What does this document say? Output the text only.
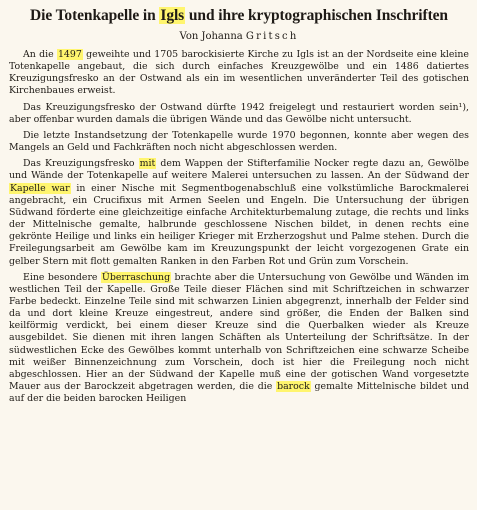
Die Totenkapelle in Igls und ihre kryptographischen Inschriften
Von Johanna Gritsch

An die 1497 geweihte und 1705 barockisierte Kirche zu Igls ist an der Nordseite eine kleine Totenkapelle angebaut, die sich durch einfaches Kreuzgewölbe und ein 1486 datiertes Kreuzigungsfresko an der Ostwand als ein im wesentlichen unveränderter Teil des gotischen Kirchenbaues erweist.

Das Kreuzigungsfresko der Ostwand dürfte 1942 freigelegt und restauriert worden sein¹), aber offenbar wurden damals die übrigen Wände und das Gewölbe nicht untersucht.

Die letzte Instandsetzung der Totenkapelle wurde 1970 begonnen, konnte aber wegen des Mangels an Geld und Fachkräften noch nicht abgeschlossen werden.

Das Kreuzigungsfresko mit dem Wappen der Stifterfamilie Nocker regte dazu an, Gewölbe und Wände der Totenkapelle auf weitere Malerei untersuchen zu lassen. An der Südwand der Kapelle war in einer Nische mit Segmentbogenabschluß eine volkstümliche Barockmalerei angebracht, ein Crucifixus mit Armen Seelen und Engeln. Die Untersuchung der übrigen Südwand förderte eine gleichzeitige einfache Architekturbemalung zutage, die rechts und links der Mittelnische gemalte, halbrunde geschlossene Nischen bildet, in denen rechts eine gekrönte Heilige und links ein heiliger Krieger mit Erzherzogshut und Palme stehen. Durch die Freilegungsarbeit am Gewölbe kam im Kreuzungspunkt der leicht vorgezogenen Grate ein gelber Stern mit flott gemalten Ranken in den Farben Rot und Grün zum Vorschein.

Eine besondere Überraschung brachte aber die Untersuchung von Gewölbe und Wänden im westlichen Teil der Kapelle. Große Teile dieser Flächen sind mit Schriftzeichen in schwarzer Farbe bedeckt. Einzelne Teile sind mit schwarzen Linien abgegrenzt, innerhalb der Felder sind da und dort kleine Kreuze eingestreut, andere sind größer, die Enden der Balken sind keilförmig verdickt, bei einem dieser Kreuze sind die Querbalken wieder als Kreuze ausgebildet. Sie dienen mit ihren langen Schäften als Unterteilung der Schriftsätze. In der südwestlichen Ecke des Gewölbes kommt unterhalb von Schriftzeichen eine schwarze Scheibe mit weißer Binnenzeichnung zum Vorschein, doch ist hier die Freilegung noch nicht abgeschlossen. Hier an der Südwand der Kapelle muß eine der gotischen Wand vorgesetzte Mauer aus der Barockzeit abgetragen werden, die die barock gemalte Mittelnische bildet und auf der die beiden barocken Heiligen
